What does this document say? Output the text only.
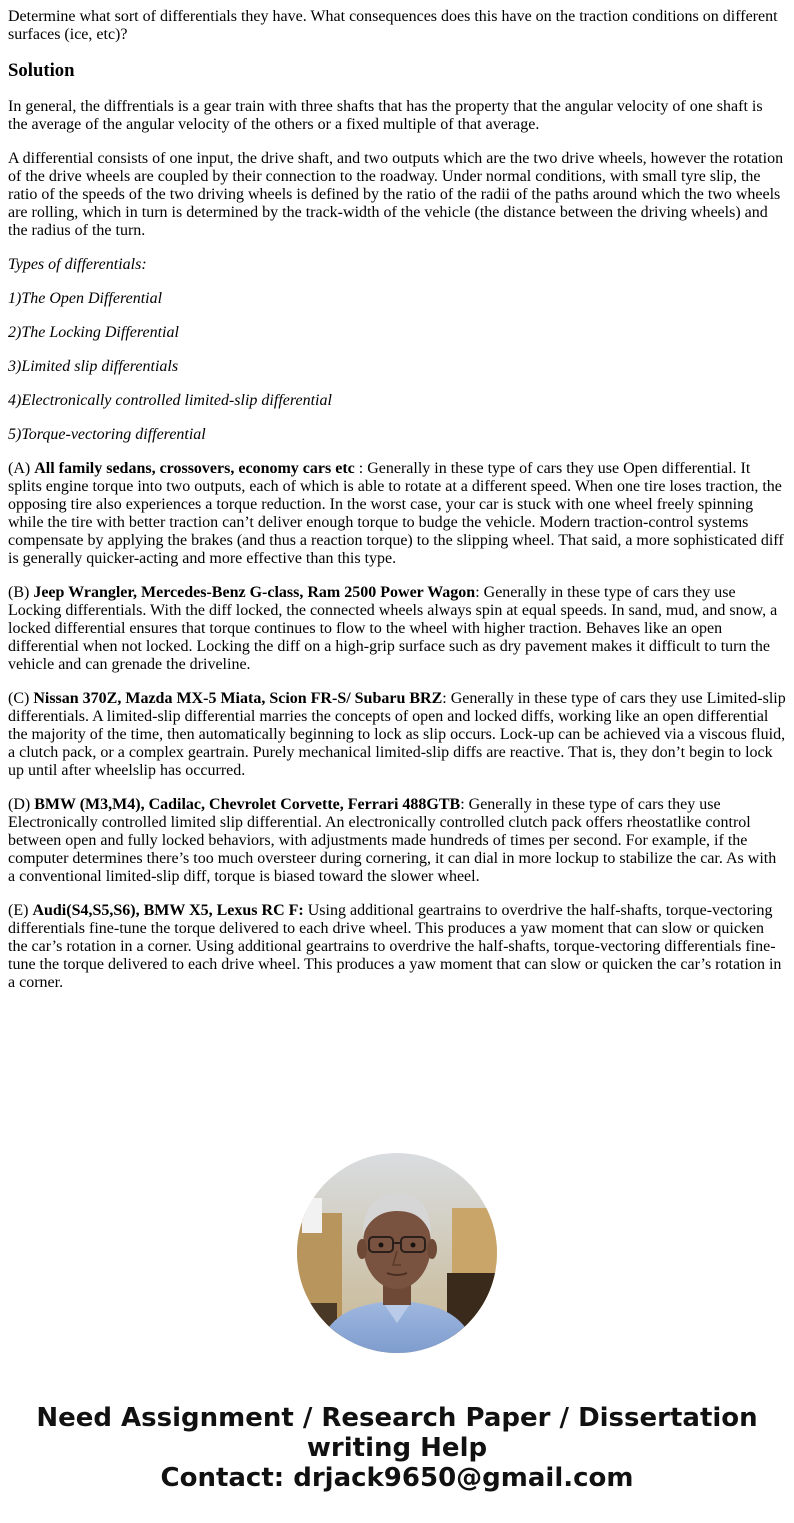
Determine what sort of differentials they have. What consequences does this have on the traction conditions on different surfaces (ice, etc)?

Solution

In general, the diffrentials is a gear train with three shafts that has the property that the angular velocity of one shaft is the average of the angular velocity of the others or a fixed multiple of that average.

A differential consists of one input, the drive shaft, and two outputs which are the two drive wheels, however the rotation of the drive wheels are coupled by their connection to the roadway. Under normal conditions, with small tyre slip, the ratio of the speeds of the two driving wheels is defined by the ratio of the radii of the paths around which the two wheels are rolling, which in turn is determined by the track-width of the vehicle (the distance between the driving wheels) and the radius of the turn.

Types of differentials:

1)The Open Differential

2)The Locking Differential

3)Limited slip differentials

4)Electronically controlled limited-slip differential

5)Torque-vectoring differential

(A) All family sedans, crossovers, economy cars etc : Generally in these type of cars they use Open differential. It splits engine torque into two outputs, each of which is able to rotate at a different speed. When one tire loses traction, the opposing tire also experiences a torque reduction. In the worst case, your car is stuck with one wheel freely spinning while the tire with better traction can’t deliver enough torque to budge the vehicle. Modern traction-control systems compensate by applying the brakes (and thus a reaction torque) to the slipping wheel. That said, a more sophisticated diff is generally quicker-acting and more effective than this type.

(B) Jeep Wrangler, Mercedes-Benz G-class, Ram 2500 Power Wagon: Generally in these type of cars they use Locking differentials. With the diff locked, the connected wheels always spin at equal speeds. In sand, mud, and snow, a locked differential ensures that torque continues to flow to the wheel with higher traction. Behaves like an open differential when not locked. Locking the diff on a high-grip surface such as dry pavement makes it difficult to turn the vehicle and can grenade the driveline.

(C) Nissan 370Z, Mazda MX-5 Miata, Scion FR-S/ Subaru BRZ: Generally in these type of cars they use Limited-slip differentials. A limited-slip differential marries the concepts of open and locked diffs, working like an open differential the majority of the time, then automatically beginning to lock as slip occurs. Lock-up can be achieved via a viscous fluid, a clutch pack, or a complex geartrain. Purely mechanical limited-slip diffs are reactive. That is, they don’t begin to lock up until after wheelslip has occurred.

(D) BMW (M3,M4), Cadilac, Chevrolet Corvette, Ferrari 488GTB: Generally in these type of cars they use Electronically controlled limited slip differential. An electronically controlled clutch pack offers rheostatlike control between open and fully locked behaviors, with adjustments made hundreds of times per second. For example, if the computer determines there’s too much oversteer during cornering, it can dial in more lockup to stabilize the car. As with a conventional limited-slip diff, torque is biased toward the slower wheel.

(E) Audi(S4,S5,S6), BMW X5, Lexus RC F: Using additional geartrains to overdrive the half-shafts, torque-vectoring differentials fine-tune the torque delivered to each drive wheel. This produces a yaw moment that can slow or quicken the car’s rotation in a corner. Using additional geartrains to overdrive the half-shafts, torque-vectoring differentials fine-tune the torque delivered to each drive wheel. This produces a yaw moment that can slow or quicken the car’s rotation in a corner.

Need Assignment / Research Paper / Dissertation
writing Help
Contact: drjack9650@gmail.com
